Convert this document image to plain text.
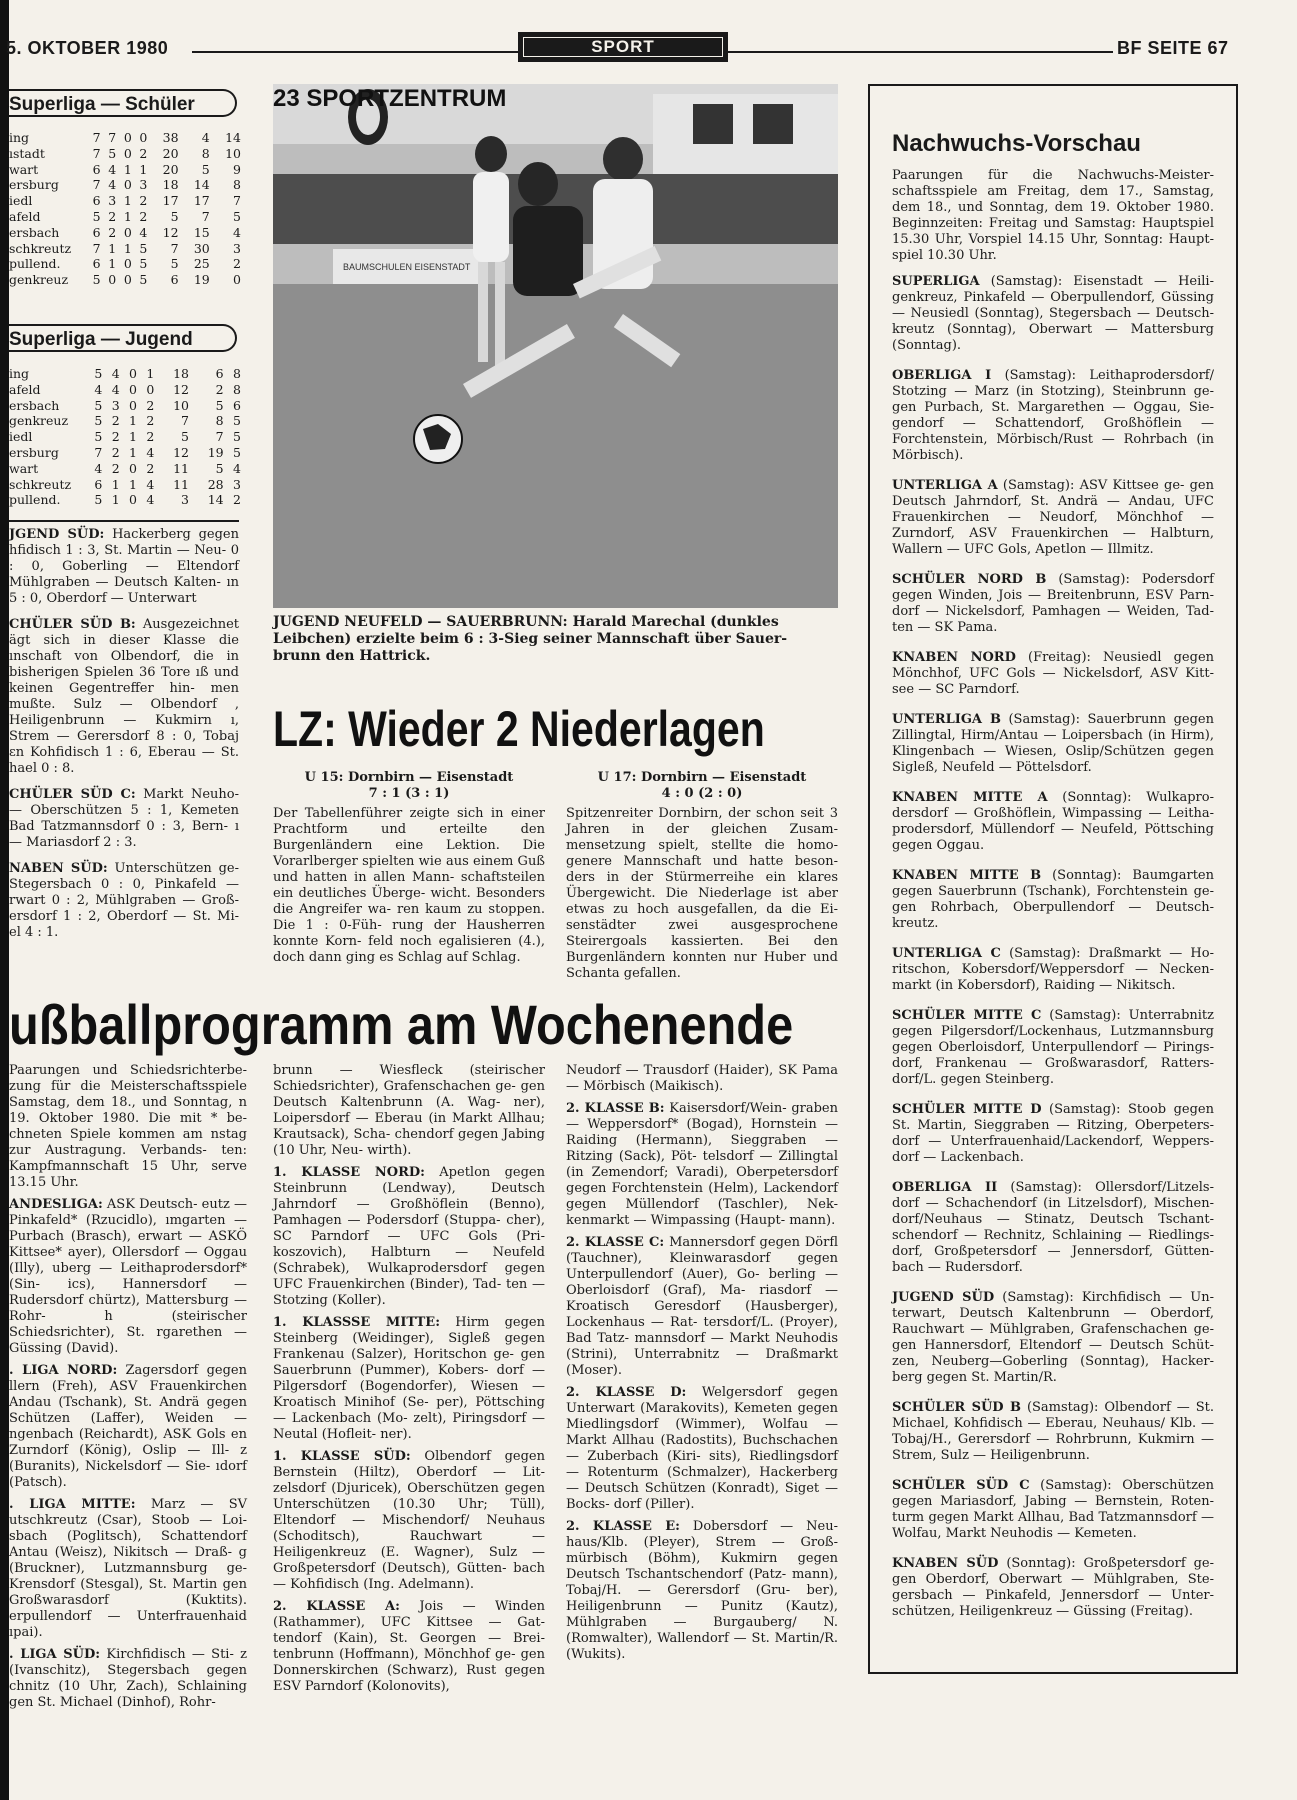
5. OKTOBER 1980	SPORT	BF SEITE 67
Superliga — Schüler
ing	7	7	0	0	38	4	14
ıstadt	7	5	0	2	20	8	10
wart	6	4	1	1	20	5	9
ersburg	7	4	0	3	18	14	8
iedl	6	3	1	2	17	17	7
afeld	5	2	1	2	5	7	5
ersbach	6	2	0	4	12	15	4
schkreutz	7	1	1	5	7	30	3
pullend.	6	1	0	5	5	25	2
genkreuz	5	0	0	5	6	19	0
Superliga — Jugend
ing	5	4	0	1	18	6	8
afeld	4	4	0	0	12	2	8
ersbach	5	3	0	2	10	5	6
genkreuz	5	2	1	2	7	8	5
iedl	5	2	1	2	5	7	5
ersburg	7	2	1	4	12	19	5
wart	4	2	0	2	11	5	4
schkreutz	6	1	1	4	11	28	3
pullend.	5	1	0	4	3	14	2

JGEND SÜD: Hackerberg gegen hfidisch 1 : 3, St. Martin — Neu- 0 : 0, Goberling — Eltendorf Mühlgraben — Deutsch Kalten- ın 5 : 0, Oberdorf — Unterwart

CHÜLER SÜD B: Ausgezeichnet ägt sich in dieser Klasse die ınschaft von Olbendorf, die in bisherigen Spielen 36 Tore ıß und keinen Gegentreffer hin- men mußte. Sulz — Olbendorf , Heiligenbrunn — Kukmirn ı, Strem — Gerersdorf 8 : 0, Tobaj ɛn Kohfidisch 1 : 6, Eberau — St. hael 0 : 8.

CHÜLER SÜD C: Markt Neuho- — Oberschützen 5 : 1, Kemeten Bad Tatzmannsdorf 0 : 3, Bern- ı — Mariasdorf 2 : 3.

NABEN SÜD: Unterschützen ge- Stegersbach 0 : 0, Pinkafeld — rwart 0 : 2, Mühlgraben — Groß- ersdorf 1 : 2, Oberdorf — St. Mi- el 4 : 1.

23 SPORTZENTRUM
BAUMSCHULEN EISENSTADT
JUGEND NEUFELD — SAUERBRUNN: Harald Marechal (dunkles Leibchen) erzielte beim 6 : 3-Sieg seiner Mannschaft über Sauer- brunn den Hattrick.
LZ: Wieder 2 Niederlagen
U 15: Dornbirn — Eisenstadt
7 : 1 (3 : 1)
Der Tabellenführer zeigte sich in einer Prachtform und erteilte den Burgenländern eine Lektion. Die Vorarlberger spielten wie aus einem Guß und hatten in allen Mann- schaftsteilen ein deutliches Überge- wicht. Besonders die Angreifer wa- ren kaum zu stoppen. Die 1 : 0-Füh- rung der Hausherren konnte Korn- feld noch egalisieren (4.), doch dann ging es Schlag auf Schlag.
U 17: Dornbirn — Eisenstadt
4 : 0 (2 : 0)
Spitzenreiter Dornbirn, der schon seit 3 Jahren in der gleichen Zusam- mensetzung spielt, stellte die homo- genere Mannschaft und hatte beson- ders in der Stürmerreihe ein klares Übergewicht. Die Niederlage ist aber etwas zu hoch ausgefallen, da die Ei- senstädter zwei ausgesprochene Steirergoals kassierten. Bei den Burgenländern konnten nur Huber und Schanta gefallen.
ußballprogramm am Wochenende

Paarungen und Schiedsrichterbe- zung für die Meisterschaftsspiele Samstag, dem 18., und Sonntag, n 19. Oktober 1980. Die mit * be- chneten Spiele kommen am nstag zur Austragung. Verbands- ten: Kampfmannschaft 15 Uhr, serve 13.15 Uhr.

ANDESLIGA: ASK Deutsch- eutz — Pinkafeld* (Rzucidlo), ımgarten — Purbach (Brasch), erwart — ASKÖ Kittsee* ayer), Ollersdorf — Oggau (Illy), uberg — Leithaprodersdorf* (Sin- ics), Hannersdorf — Rudersdorf chürtz), Mattersburg — Rohr- h (steirischer Schiedsrichter), St. rgarethen — Güssing (David).

. LIGA NORD: Zagersdorf gegen llern (Freh), ASV Frauenkirchen Andau (Tschank), St. Andrä gegen Schützen (Laffer), Weiden — ngenbach (Reichardt), ASK Gols en Zurndorf (König), Oslip — Ill- z (Buranits), Nickelsdorf — Sie- ıdorf (Patsch).

. LIGA MITTE: Marz — SV utschkreutz (Csar), Stoob — Loi- sbach (Poglitsch), Schattendorf Antau (Weisz), Nikitsch — Draß- g (Bruckner), Lutzmannsburg ge- Krensdorf (Stesgal), St. Martin gen Großwarasdorf (Kuktits). erpullendorf — Unterfrauenhaid ıpai).

. LIGA SÜD: Kirchfidisch — Sti- z (Ivanschitz), Stegersbach gegen chnitz (10 Uhr, Zach), Schlaining gen St. Michael (Dinhof), Rohr-

brunn — Wiesfleck (steirischer Schiedsrichter), Grafenschachen ge- gen Deutsch Kaltenbrunn (A. Wag- ner), Loipersdorf — Eberau (in Markt Allhau; Krautsack), Scha- chendorf gegen Jabing (10 Uhr, Neu- wirth).

1. KLASSE NORD: Apetlon gegen Steinbrunn (Lendway), Deutsch Jahrndorf — Großhöflein (Benno), Pamhagen — Podersdorf (Stuppa- cher), SC Parndorf — UFC Gols (Pri- koszovich), Halbturn — Neufeld (Schrabek), Wulkaprodersdorf gegen UFC Frauenkirchen (Binder), Tad- ten — Stotzing (Koller).

1. KLASSSE MITTE: Hirm gegen Steinberg (Weidinger), Sigleß gegen Frankenau (Salzer), Horitschon ge- gen Sauerbrunn (Pummer), Kobers- dorf — Pilgersdorf (Bogendorfer), Wiesen — Kroatisch Minihof (Se- per), Pöttsching — Lackenbach (Mo- zelt), Piringsdorf — Neutal (Hofleit- ner).

1. KLASSE SÜD: Olbendorf gegen Bernstein (Hiltz), Oberdorf — Lit- zelsdorf (Djuricek), Oberschützen gegen Unterschützen (10.30 Uhr; Tüll), Eltendorf — Mischendorf/ Neuhaus (Schoditsch), Rauchwart — Heiligenkreuz (E. Wagner), Sulz — Großpetersdorf (Deutsch), Gütten- bach — Kohfidisch (Ing. Adelmann).

2. KLASSE A: Jois — Winden (Rathammer), UFC Kittsee — Gat- tendorf (Kain), St. Georgen — Brei- tenbrunn (Hoffmann), Mönchhof ge- gen Donnerskirchen (Schwarz), Rust gegen ESV Parndorf (Kolonovits),

Neudorf — Trausdorf (Haider), SK Pama — Mörbisch (Maikisch).

2. KLASSE B: Kaisersdorf/Wein- graben — Weppersdorf* (Bogad), Hornstein — Raiding (Hermann), Sieggraben — Ritzing (Sack), Pöt- telsdorf — Zillingtal (in Zemendorf; Varadi), Oberpetersdorf gegen Forchtenstein (Helm), Lackendorf gegen Müllendorf (Taschler), Nek- kenmarkt — Wimpassing (Haupt- mann).

2. KLASSE C: Mannersdorf gegen Dörfl (Tauchner), Kleinwarasdorf gegen Unterpullendorf (Auer), Go- berling — Oberloisdorf (Graf), Ma- riasdorf — Kroatisch Geresdorf (Hausberger), Lockenhaus — Rat- tersdorf/L. (Proyer), Bad Tatz- mannsdorf — Markt Neuhodis (Strini), Unterrabnitz — Draßmarkt (Moser).

2. KLASSE D: Welgersdorf gegen Unterwart (Marakovits), Kemeten gegen Miedlingsdorf (Wimmer), Wolfau — Markt Allhau (Radostits), Buchschachen — Zuberbach (Kiri- sits), Riedlingsdorf — Rotenturm (Schmalzer), Hackerberg — Deutsch Schützen (Konradt), Siget — Bocks- dorf (Piller).

2. KLASSE E: Dobersdorf — Neu- haus/Klb. (Pleyer), Strem — Groß- mürbisch (Böhm), Kukmirn gegen Deutsch Tschantschendorf (Patz- mann), Tobaj/H. — Gerersdorf (Gru- ber), Heiligenbrunn — Punitz (Kautz), Mühlgraben — Burgauberg/ N. (Romwalter), Wallendorf — St. Martin/R. (Wukits).

Nachwuchs-Vorschau
Paarungen für die Nachwuchs-Meister- schaftsspiele am Freitag, dem 17., Samstag, dem 18., und Sonntag, dem 19. Oktober 1980. Beginnzeiten: Freitag und Samstag: Hauptspiel 15.30 Uhr, Vorspiel 14.15 Uhr, Sonntag: Haupt- spiel 10.30 Uhr.

SUPERLIGA (Samstag): Eisenstadt — Heili- genkreuz, Pinkafeld — Oberpullendorf, Güssing — Neusiedl (Sonntag), Stegersbach — Deutsch- kreutz (Sonntag), Oberwart — Mattersburg (Sonntag).

OBERLIGA I (Samstag): Leithaprodersdorf/ Stotzing — Marz (in Stotzing), Steinbrunn ge- gen Purbach, St. Margarethen — Oggau, Sie- gendorf — Schattendorf, Großhöflein — Forchtenstein, Mörbisch/Rust — Rohrbach (in Mörbisch).

UNTERLIGA A (Samstag): ASV Kittsee ge- gen Deutsch Jahrndorf, St. Andrä — Andau, UFC Frauenkirchen — Neudorf, Mönchhof — Zurndorf, ASV Frauenkirchen — Halbturn, Wallern — UFC Gols, Apetlon — Illmitz.

SCHÜLER NORD B (Samstag): Podersdorf gegen Winden, Jois — Breitenbrunn, ESV Parn- dorf — Nickelsdorf, Pamhagen — Weiden, Tad- ten — SK Pama.

KNABEN NORD (Freitag): Neusiedl gegen Mönchhof, UFC Gols — Nickelsdorf, ASV Kitt- see — SC Parndorf.

UNTERLIGA B (Samstag): Sauerbrunn gegen Zillingtal, Hirm/Antau — Loipersbach (in Hirm), Klingenbach — Wiesen, Oslip/Schützen gegen Sigleß, Neufeld — Pöttelsdorf.

KNABEN MITTE A (Sonntag): Wulkapro- dersdorf — Großhöflein, Wimpassing — Leitha- prodersdorf, Müllendorf — Neufeld, Pöttsching gegen Oggau.

KNABEN MITTE B (Sonntag): Baumgarten gegen Sauerbrunn (Tschank), Forchtenstein ge- gen Rohrbach, Oberpullendorf — Deutsch- kreutz.

UNTERLIGA C (Samstag): Draßmarkt — Ho- ritschon, Kobersdorf/Weppersdorf — Necken- markt (in Kobersdorf), Raiding — Nikitsch.

SCHÜLER MITTE C (Samstag): Unterrabnitz gegen Pilgersdorf/Lockenhaus, Lutzmannsburg gegen Oberloisdorf, Unterpullendorf — Pirings- dorf, Frankenau — Großwarasdorf, Ratters- dorf/L. gegen Steinberg.

SCHÜLER MITTE D (Samstag): Stoob gegen St. Martin, Sieggraben — Ritzing, Oberpeters- dorf — Unterfrauenhaid/Lackendorf, Weppers- dorf — Lackenbach.

OBERLIGA II (Samstag): Ollersdorf/Litzels- dorf — Schachendorf (in Litzelsdorf), Mischen- dorf/Neuhaus — Stinatz, Deutsch Tschant- schendorf — Rechnitz, Schlaining — Riedlings- dorf, Großpetersdorf — Jennersdorf, Gütten- bach — Rudersdorf.

JUGEND SÜD (Samstag): Kirchfidisch — Un- terwart, Deutsch Kaltenbrunn — Oberdorf, Rauchwart — Mühlgraben, Grafenschachen ge- gen Hannersdorf, Eltendorf — Deutsch Schüt- zen, Neuberg—Goberling (Sonntag), Hacker- berg gegen St. Martin/R.

SCHÜLER SÜD B (Samstag): Olbendorf — St. Michael, Kohfidisch — Eberau, Neuhaus/ Klb. — Tobaj/H., Gerersdorf — Rohrbrunn, Kukmirn — Strem, Sulz — Heiligenbrunn.

SCHÜLER SÜD C (Samstag): Oberschützen gegen Mariasdorf, Jabing — Bernstein, Roten- turm gegen Markt Allhau, Bad Tatzmannsdorf — Wolfau, Markt Neuhodis — Kemeten.

KNABEN SÜD (Sonntag): Großpetersdorf ge- gen Oberdorf, Oberwart — Mühlgraben, Ste- gersbach — Pinkafeld, Jennersdorf — Unter- schützen, Heiligenkreuz — Güssing (Freitag).
